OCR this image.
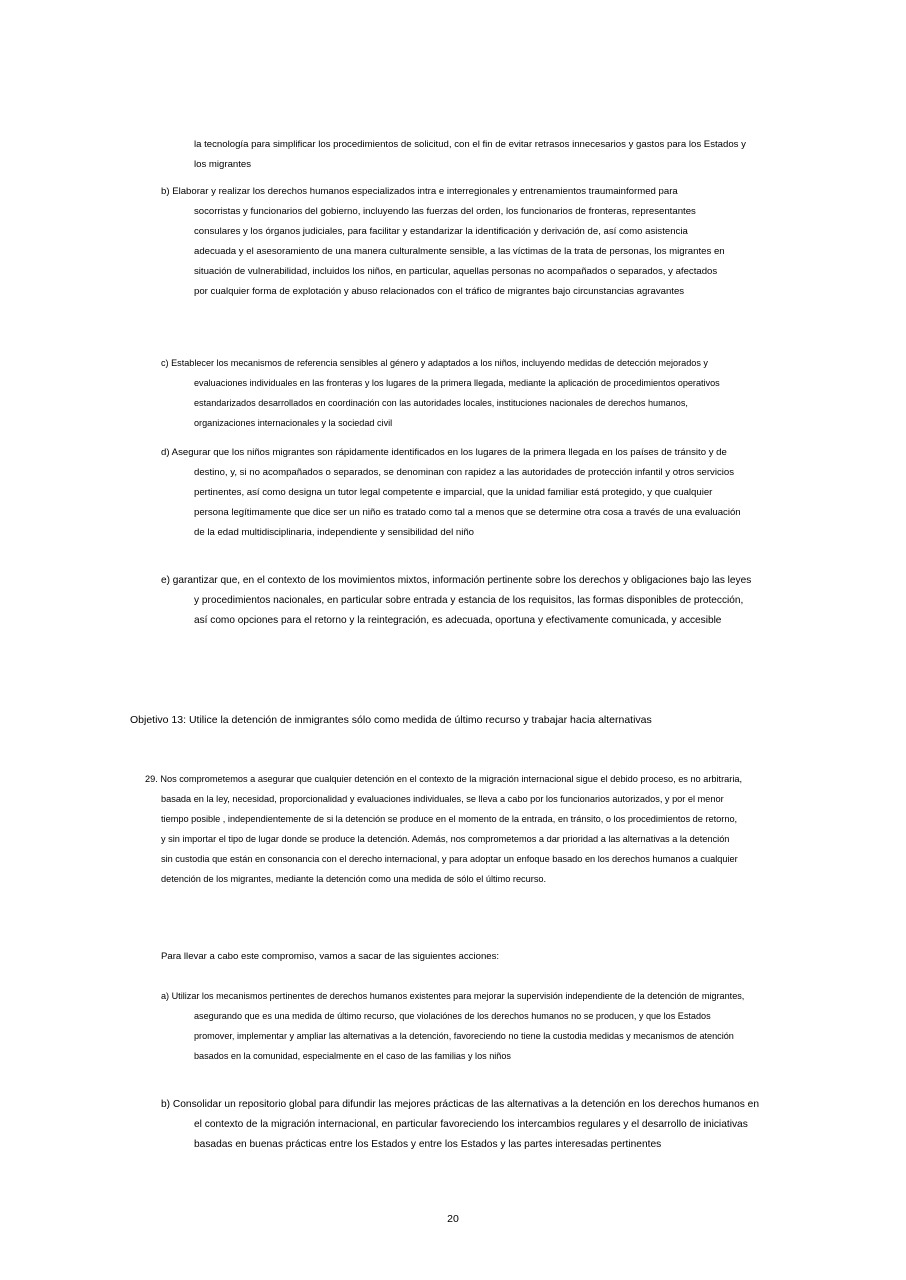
la tecnología para simplificar los procedimientos de solicitud, con el fin de evitar retrasos innecesarios y gastos para los Estados y
los migrantes
b) Elaborar y realizar los derechos humanos especializados intra e interregionales y entrenamientos traumainformed para
socorristas y funcionarios del gobierno, incluyendo las fuerzas del orden, los funcionarios de fronteras, representantes
consulares y los órganos judiciales, para facilitar y estandarizar la identificación y derivación de, así como asistencia
adecuada y el asesoramiento de una manera culturalmente sensible, a las víctimas de la trata de personas, los migrantes en
situación de vulnerabilidad, incluidos los niños, en particular, aquellas personas no acompañados o separados, y afectados
por cualquier forma de explotación y abuso relacionados con el tráfico de migrantes bajo circunstancias agravantes
c) Establecer los mecanismos de referencia sensibles al género y adaptados a los niños, incluyendo medidas de detección mejorados y
evaluaciones individuales en las fronteras y los lugares de la primera llegada, mediante la aplicación de procedimientos operativos
estandarizados desarrollados en coordinación con las autoridades locales, instituciones nacionales de derechos humanos,
organizaciones internacionales y la sociedad civil
d) Asegurar que los niños migrantes son rápidamente identificados en los lugares de la primera llegada en los países de tránsito y de
destino, y, si no acompañados o separados, se denominan con rapidez a las autoridades de protección infantil y otros servicios
pertinentes, así como designa un tutor legal competente e imparcial, que la unidad familiar está protegido, y que cualquier
persona legítimamente que dice ser un niño es tratado como tal a menos que se determine otra cosa a través de una evaluación
de la edad multidisciplinaria, independiente y sensibilidad del niño
e) garantizar que, en el contexto de los movimientos mixtos, información pertinente sobre los derechos y obligaciones bajo las leyes
y procedimientos nacionales, en particular sobre entrada y estancia de los requisitos, las formas disponibles de protección,
así como opciones para el retorno y la reintegración, es adecuada, oportuna y efectivamente comunicada, y accesible
Objetivo 13: Utilice la detención de inmigrantes sólo como medida de último recurso y trabajar hacia alternativas
29. Nos comprometemos a asegurar que cualquier detención en el contexto de la migración internacional sigue el debido proceso, es no arbitraria,
basada en la ley, necesidad, proporcionalidad y evaluaciones individuales, se lleva a cabo por los funcionarios autorizados, y por el menor
tiempo posible , independientemente de si la detención se produce en el momento de la entrada, en tránsito, o los procedimientos de retorno,
y sin importar el tipo de lugar donde se produce la detención. Además, nos comprometemos a dar prioridad a las alternativas a la detención
sin custodia que están en consonancia con el derecho internacional, y para adoptar un enfoque basado en los derechos humanos a cualquier
detención de los migrantes, mediante la detención como una medida de sólo el último recurso.
Para llevar a cabo este compromiso, vamos a sacar de las siguientes acciones:
a) Utilizar los mecanismos pertinentes de derechos humanos existentes para mejorar la supervisión independiente de la detención de migrantes,
asegurando que es una medida de último recurso, que violaciónes de los derechos humanos no se producen, y que los Estados
promover, implementar y ampliar las alternativas a la detención, favoreciendo no tiene la custodia medidas y mecanismos de atención
basados en la comunidad, especialmente en el caso de las familias y los niños
b) Consolidar un repositorio global para difundir las mejores prácticas de las alternativas a la detención en los derechos humanos en
el contexto de la migración internacional, en particular favoreciendo los intercambios regulares y el desarrollo de iniciativas
basadas en buenas prácticas entre los Estados y entre los Estados y las partes interesadas pertinentes
20
